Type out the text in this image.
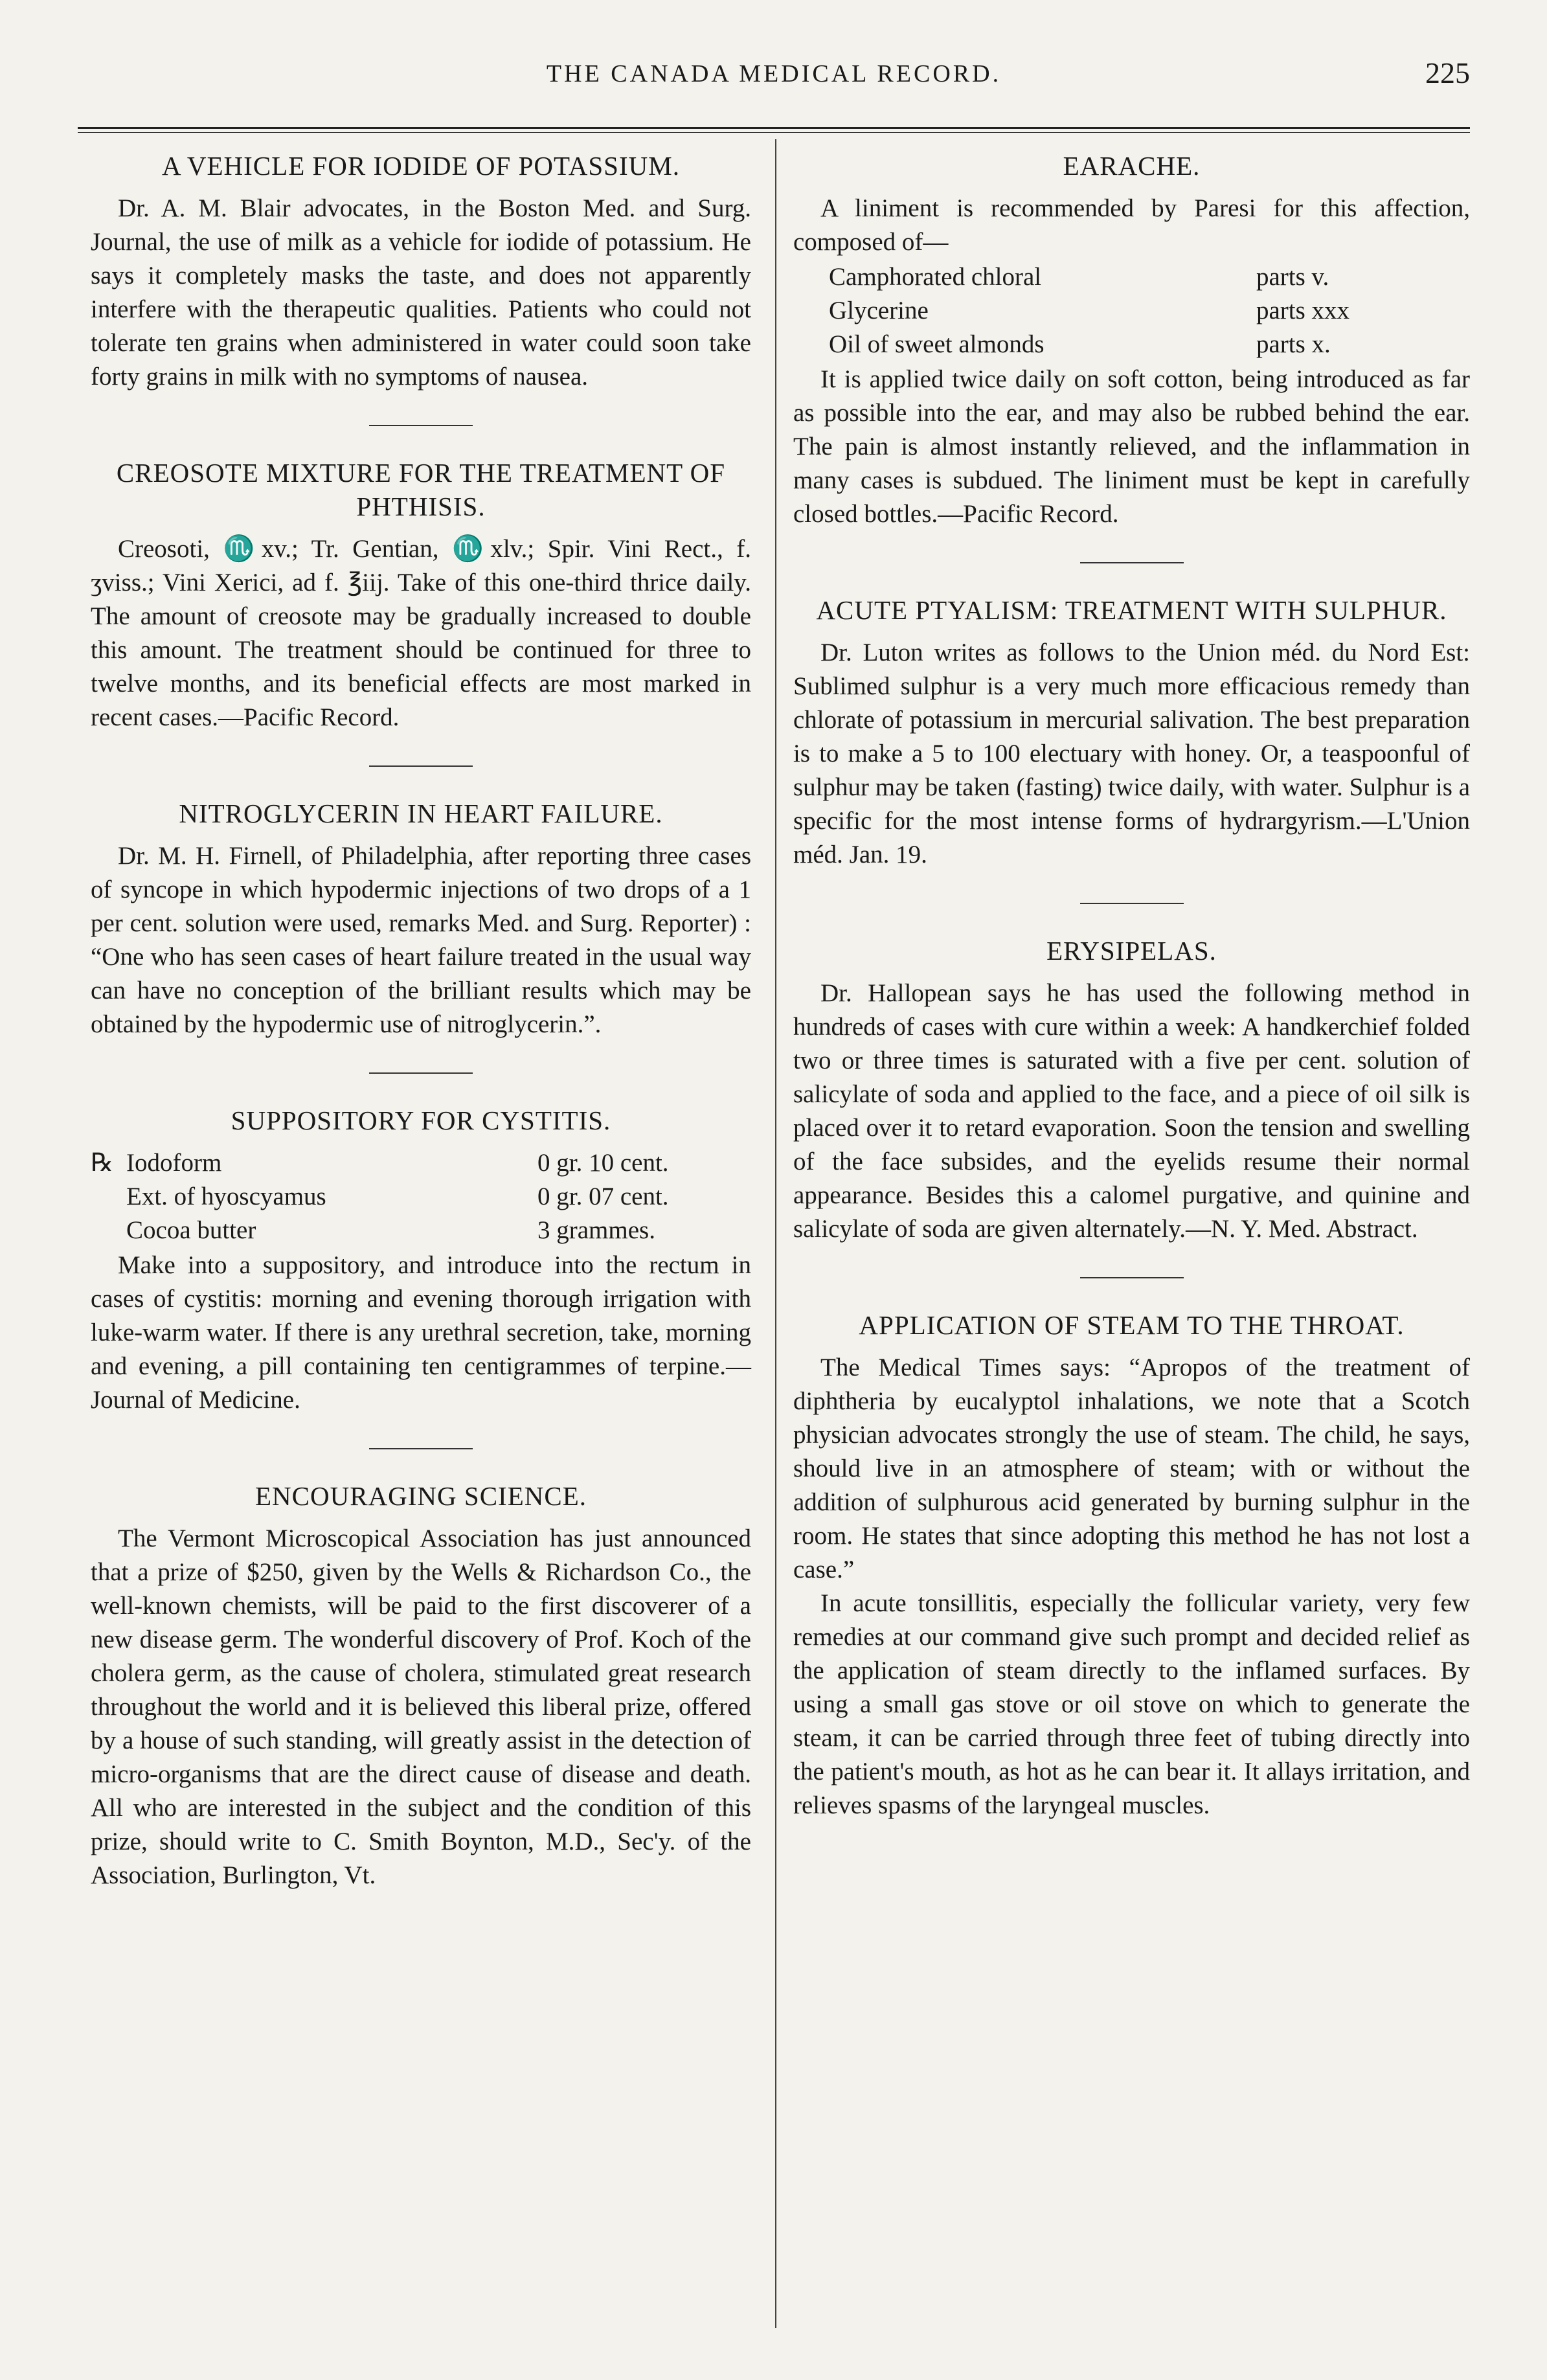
THE CANADA MEDICAL RECORD.	225
A VEHICLE FOR IODIDE OF POTASSIUM.

Dr. A. M. Blair advocates, in the Boston Med. and Surg. Journal, the use of milk as a vehicle for iodide of potassium. He says it completely masks the taste, and does not apparently interfere with the therapeutic qualities. Patients who could not tolerate ten grains when administered in water could soon take forty grains in milk with no symptoms of nausea.

CREOSOTE MIXTURE FOR THE TREATMENT OF PHTHISIS.

Creosoti, ♏xv.; Tr. Gentian, ♏xlv.; Spir. Vini Rect., f. ʒviss.; Vini Xerici, ad f. ℥iij. Take of this one-third thrice daily. The amount of creosote may be gradually increased to double this amount. The treatment should be continued for three to twelve months, and its beneficial effects are most marked in recent cases.—Pacific Record.

NITROGLYCERIN IN HEART FAILURE.

Dr. M. H. Firnell, of Philadelphia, after reporting three cases of syncope in which hypodermic injections of two drops of a 1 per cent. solution were used, remarks Med. and Surg. Reporter) : “One who has seen cases of heart failure treated in the usual way can have no conception of the brilliant results which may be obtained by the hypodermic use of nitroglycerin.”.

SUPPOSITORY FOR CYSTITIS.
℞	Iodoform	0 gr. 10 cent.
	Ext. of hyoscyamus	0 gr. 07 cent.
	Cocoa butter	3 grammes.

Make into a suppository, and introduce into the rectum in cases of cystitis: morning and evening thorough irrigation with luke-warm water. If there is any urethral secretion, take, morning and evening, a pill containing ten centigrammes of terpine.—Journal of Medicine.

ENCOURAGING SCIENCE.

The Vermont Microscopical Association has just announced that a prize of $250, given by the Wells & Richardson Co., the well-known chemists, will be paid to the first discoverer of a new disease germ. The wonderful discovery of Prof. Koch of the cholera germ, as the cause of cholera, stimulated great research throughout the world and it is believed this liberal prize, offered by a house of such standing, will greatly assist in the detection of micro-organisms that are the direct cause of disease and death. All who are interested in the subject and the condition of this prize, should write to C. Smith Boynton, M.D., Sec'y. of the Association, Burlington, Vt.

EARACHE.

A liniment is recommended by Paresi for this affection, composed of—

Camphorated chloral	parts v.
Glycerine	parts xxx
Oil of sweet almonds	parts x.

It is applied twice daily on soft cotton, being introduced as far as possible into the ear, and may also be rubbed behind the ear. The pain is almost instantly relieved, and the inflammation in many cases is subdued. The liniment must be kept in carefully closed bottles.—Pacific Record.

ACUTE PTYALISM: TREATMENT WITH SULPHUR.

Dr. Luton writes as follows to the Union méd. du Nord Est: Sublimed sulphur is a very much more efficacious remedy than chlorate of potassium in mercurial salivation. The best preparation is to make a 5 to 100 electuary with honey. Or, a teaspoonful of sulphur may be taken (fasting) twice daily, with water. Sulphur is a specific for the most intense forms of hydrargyrism.—L'Union méd. Jan. 19.

ERYSIPELAS.

Dr. Hallopean says he has used the following method in hundreds of cases with cure within a week: A handkerchief folded two or three times is saturated with a five per cent. solution of salicylate of soda and applied to the face, and a piece of oil silk is placed over it to retard evaporation. Soon the tension and swelling of the face subsides, and the eyelids resume their normal appearance. Besides this a calomel purgative, and quinine and salicylate of soda are given alternately.—N. Y. Med. Abstract.

APPLICATION OF STEAM TO THE THROAT.

The Medical Times says: “Apropos of the treatment of diphtheria by eucalyptol inhalations, we note that a Scotch physician advocates strongly the use of steam. The child, he says, should live in an atmosphere of steam; with or without the addition of sulphurous acid generated by burning sulphur in the room. He states that since adopting this method he has not lost a case.”

In acute tonsillitis, especially the follicular variety, very few remedies at our command give such prompt and decided relief as the application of steam directly to the inflamed surfaces. By using a small gas stove or oil stove on which to generate the steam, it can be carried through three feet of tubing directly into the patient's mouth, as hot as he can bear it. It allays irritation, and relieves spasms of the laryngeal muscles.
